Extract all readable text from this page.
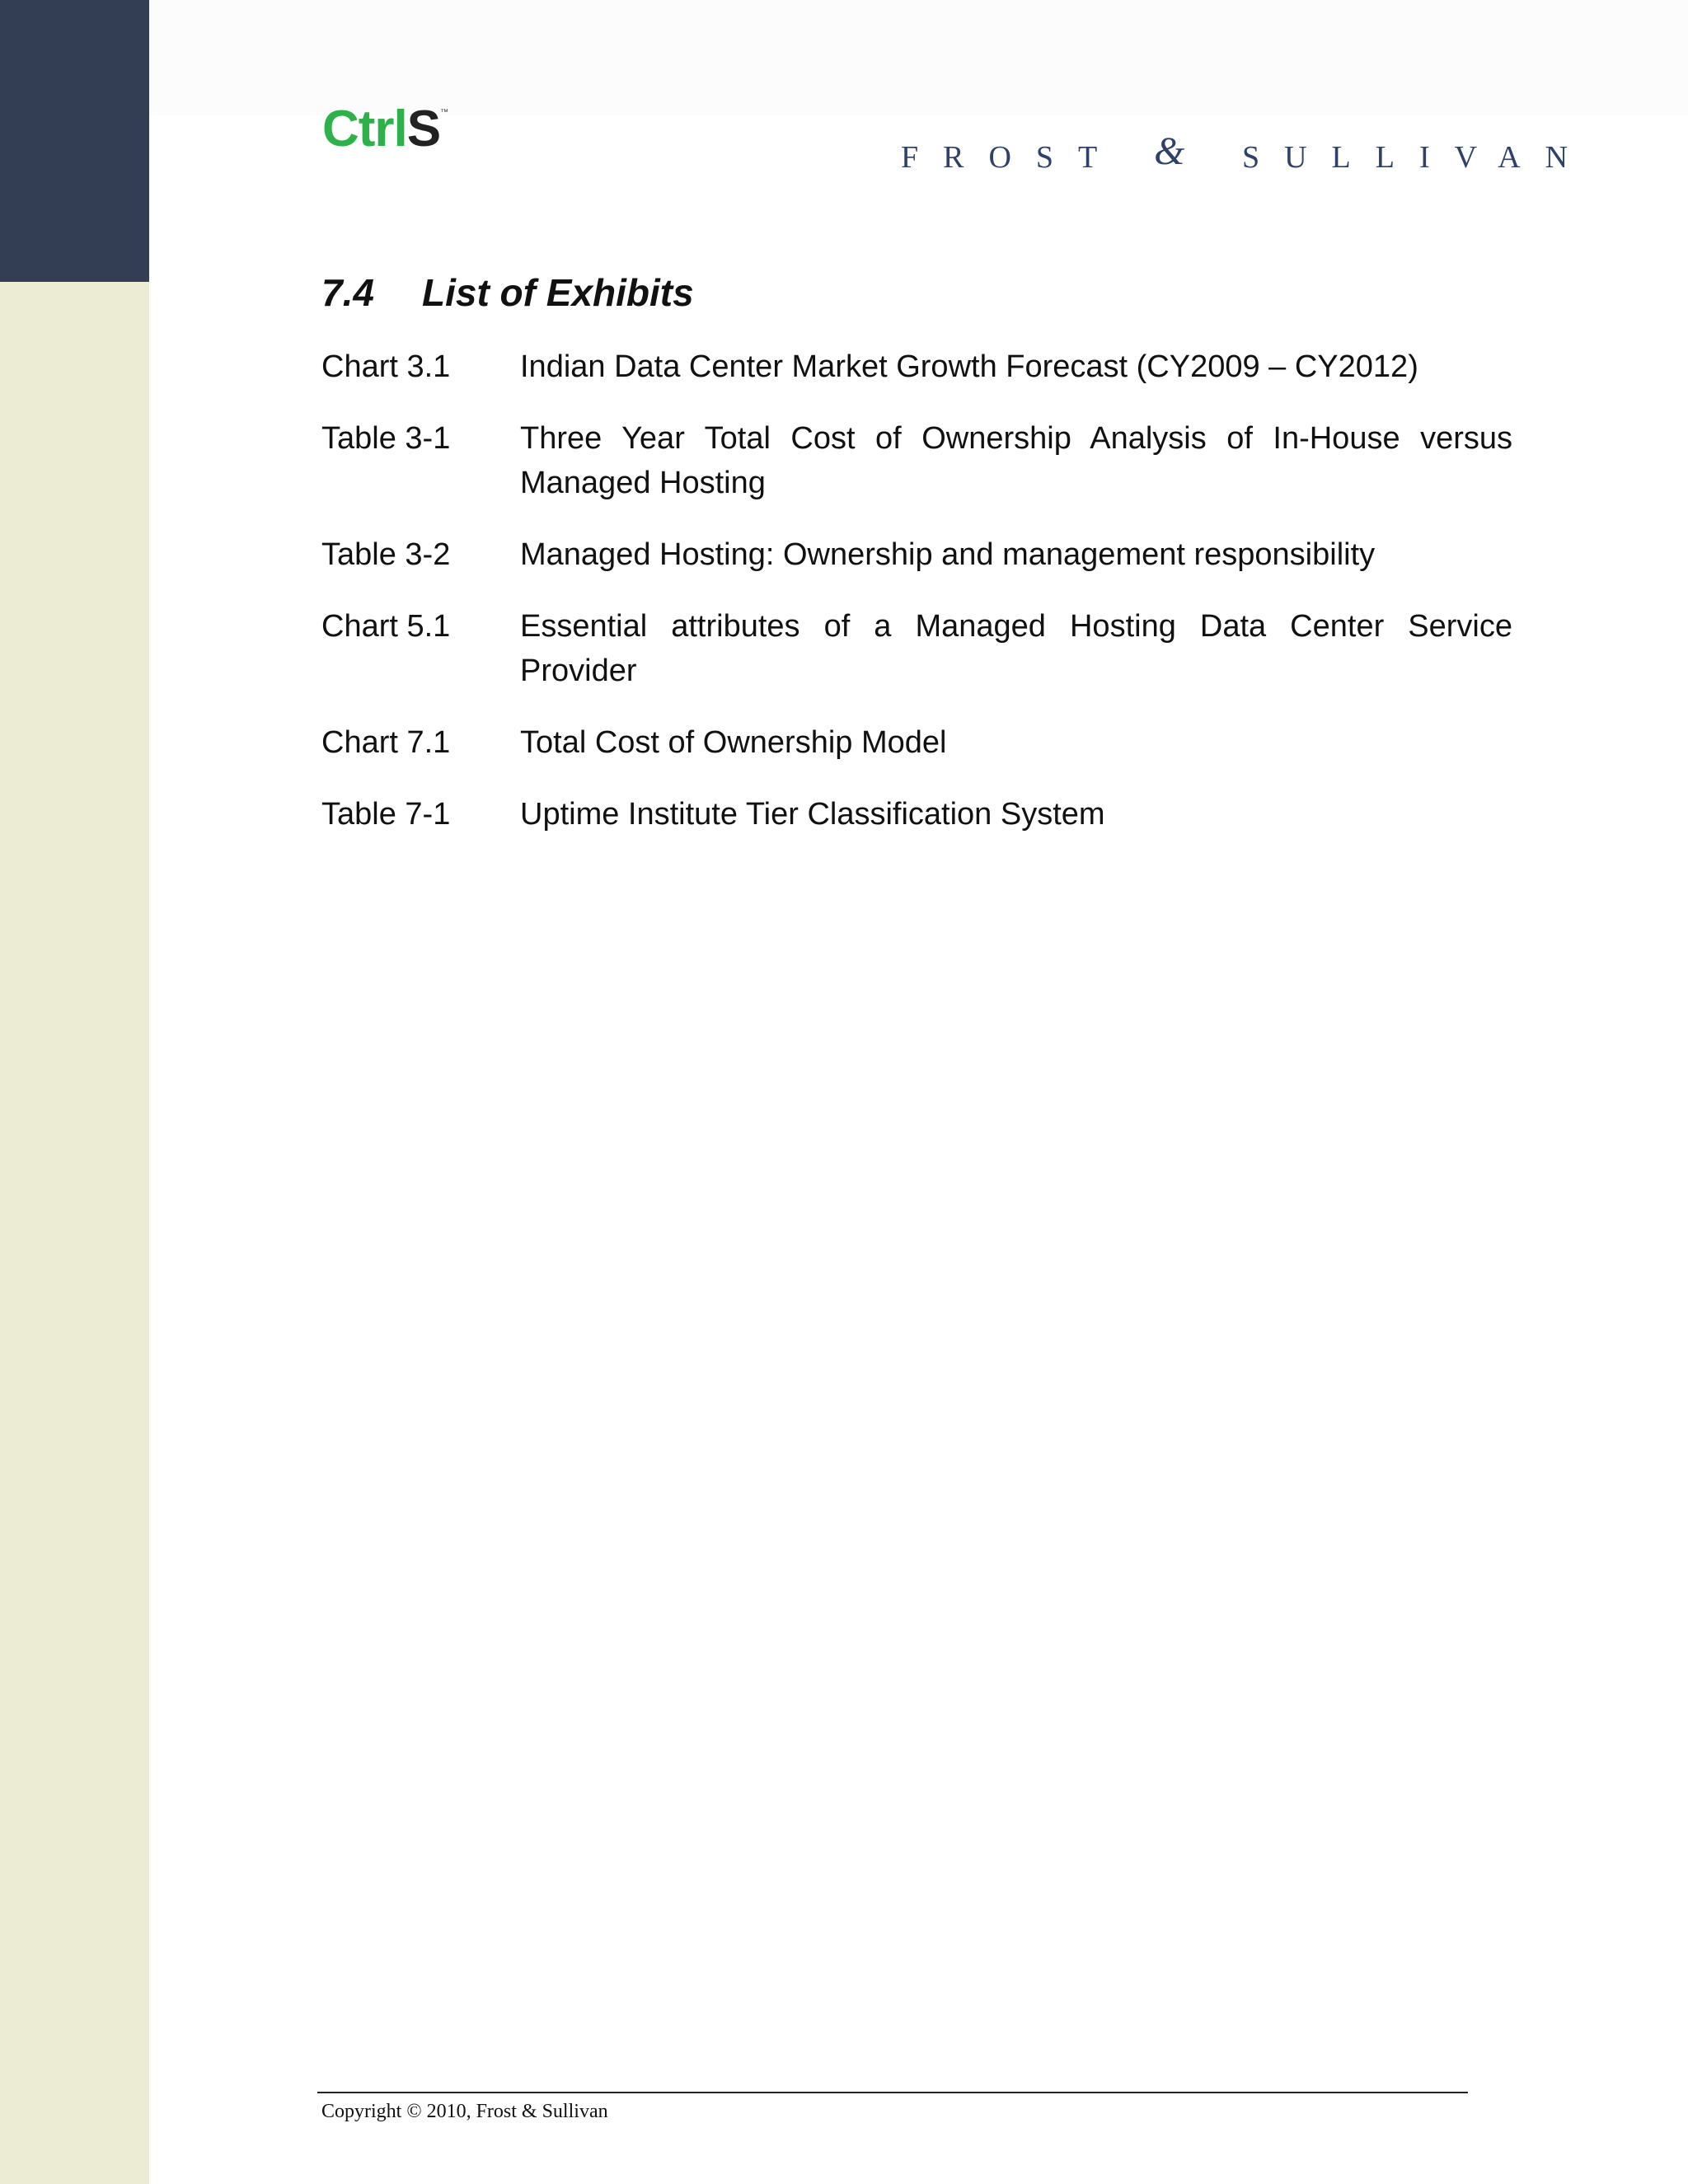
CtrlS™
FROST & SULLIVAN
7.4 List of Exhibits
Chart 3.1	Indian Data Center Market Growth Forecast (CY2009 – CY2012)
Table 3-1	Three Year Total Cost of Ownership Analysis of In-House versus Managed Hosting
Table 3-2	Managed Hosting: Ownership and management responsibility
Chart 5.1	Essential attributes of a Managed Hosting Data Center Service Provider
Chart 7.1	Total Cost of Ownership Model
Table 7-1	Uptime Institute Tier Classification System
Copyright © 2010, Frost & Sullivan
